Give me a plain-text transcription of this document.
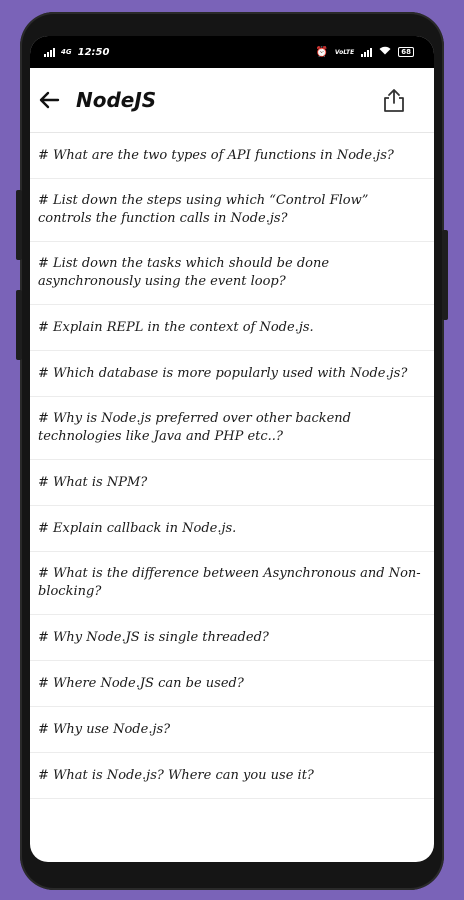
4G 12:50	⏰ VoLTE	68
NodeJS
# What are the two types of API functions in Node.js?
# List down the steps using which “Control Flow” controls the function calls in Node.js?
# List down the tasks which should be done asynchronously using the event loop?
# Explain REPL in the context of Node.js.
# Which database is more popularly used with Node.js?
# Why is Node.js preferred over other backend technologies like Java and PHP etc..?
# What is NPM?
# Explain callback in Node.js.
# What is the difference between Asynchronous and Non-blocking?
# Why Node.JS is single threaded?
# Where Node.JS can be used?
# Why use Node.js?
# What is Node.js? Where can you use it?
